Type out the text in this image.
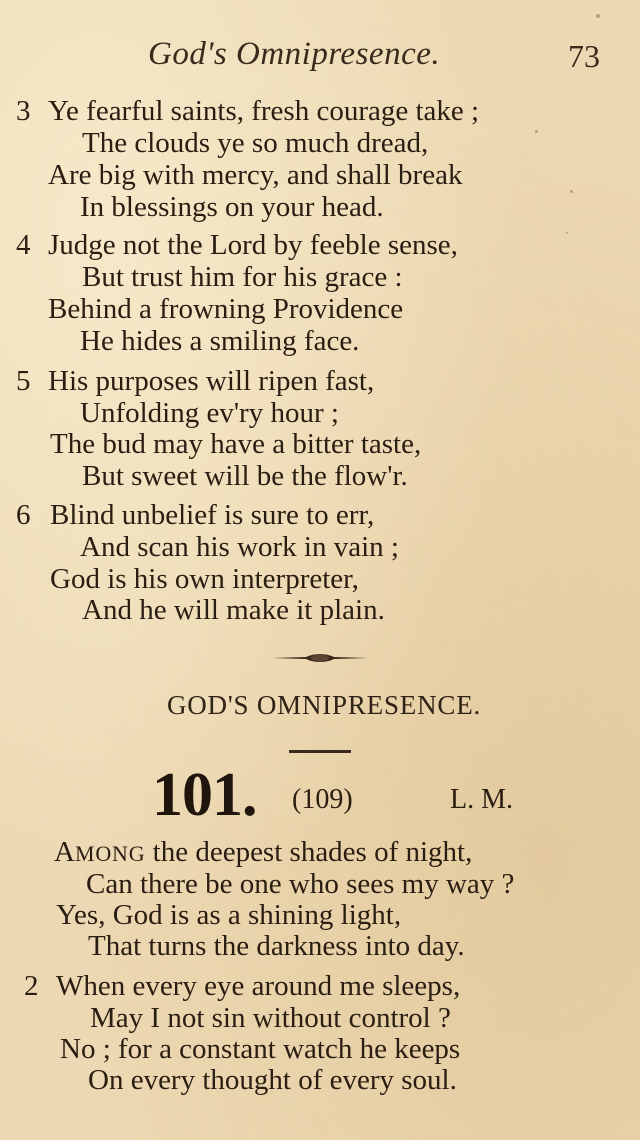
God's Omnipresence.	73
3 Ye fearful saints, fresh courage take ;
The clouds ye so much dread,
Are big with mercy, and shall break
In blessings on your head.
4 Judge not the Lord by feeble sense,
But trust him for his grace :
Behind a frowning Providence
He hides a smiling face.
5 His purposes will ripen fast,
Unfolding ev'ry hour ;
The bud may have a bitter taste,
But sweet will be the flow'r.
6 Blind unbelief is sure to err,
And scan his work in vain ;
God is his own interpreter,
And he will make it plain.
GOD'S OMNIPRESENCE.
101. (109)	L. M.
AMONG the deepest shades of night,
Can there be one who sees my way ?
Yes, God is as a shining light,
That turns the darkness into day.
2 When every eye around me sleeps,
May I not sin without control ?
No ; for a constant watch he keeps
On every thought of every soul.
